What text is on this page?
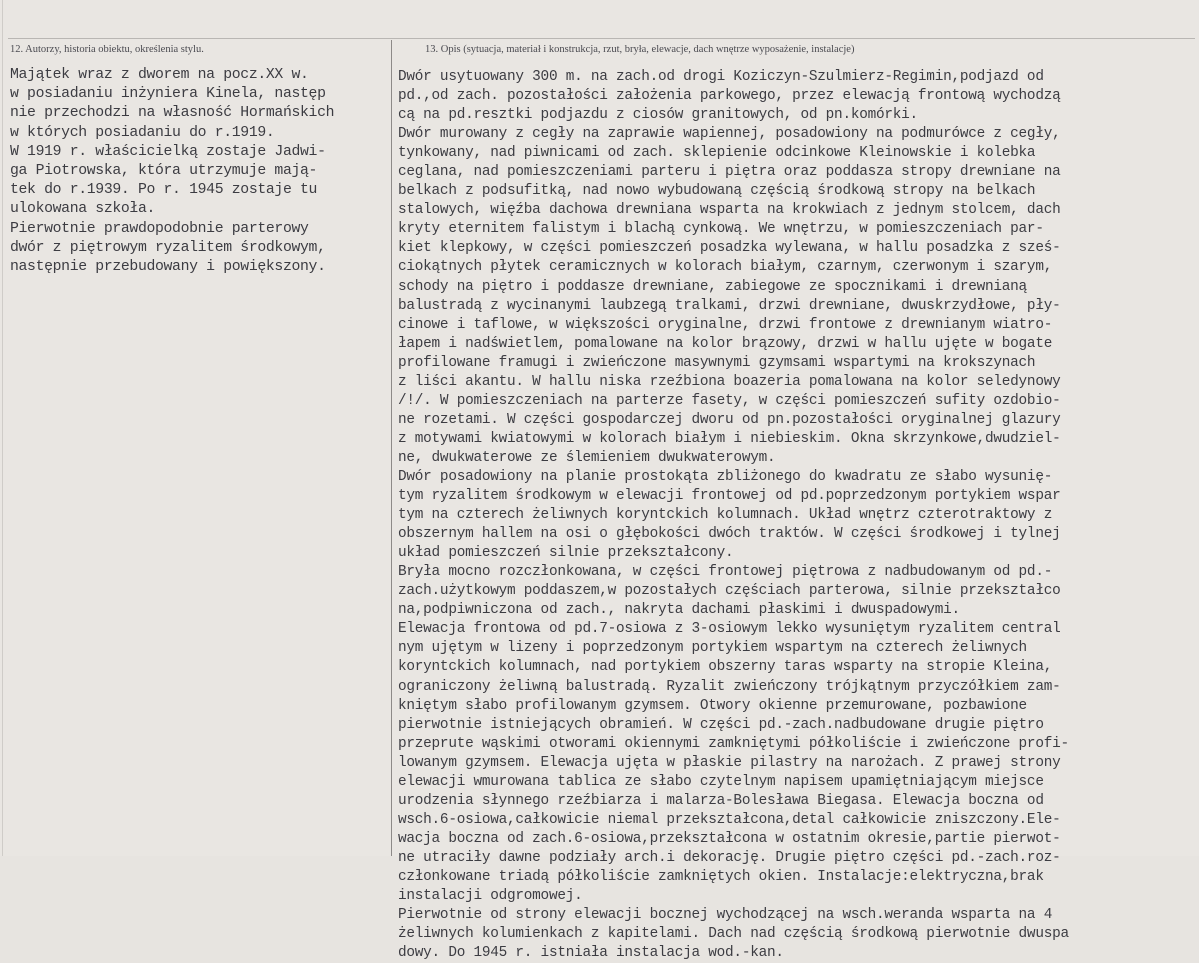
12. Autorzy, historia obiektu, określenia stylu.	13. Opis (sytuacja, materiał i konstrukcja, rzut, bryła, elewacje, dach wnętrze wyposażenie, instalacje)
Majątek wraz z dworem na pocz.XX w.
w posiadaniu inżyniera Kinela, następ
nie przechodzi na własność Hormańskich
w których posiadaniu do r.1919.
W 1919 r. właścicielką zostaje Jadwi-
ga Piotrowska, która utrzymuje mają-
tek do r.1939. Po r. 1945 zostaje tu
ulokowana szkoła.
Pierwotnie prawdopodobnie parterowy
dwór z piętrowym ryzalitem środkowym,
następnie przebudowany i powiększony.
Dwór usytuowany 300 m. na zach.od drogi Koziczyn-Szulmierz-Regimin,podjazd od
pd.,od zach. pozostałości założenia parkowego, przez elewacją frontową wychodzą
cą na pd.resztki podjazdu z ciosów granitowych, od pn.komórki.
Dwór murowany z cegły na zaprawie wapiennej, posadowiony na podmurówce z cegły,
tynkowany, nad piwnicami od zach. sklepienie odcinkowe Kleinowskie i kolebka
ceglana, nad pomieszczeniami parteru i piętra oraz poddasza stropy drewniane na
belkach z podsufitką, nad nowo wybudowaną częścią środkową stropy na belkach
stalowych, więźba dachowa drewniana wsparta na krokwiach z jednym stolcem, dach
kryty eternitem falistym i blachą cynkową. We wnętrzu, w pomieszczeniach par-
kiet klepkowy, w części pomieszczeń posadzka wylewana, w hallu posadzka z sześ-
ciokątnych płytek ceramicznych w kolorach białym, czarnym, czerwonym i szarym,
schody na piętro i poddasze drewniane, zabiegowe ze spocznikami i drewnianą
balustradą z wycinanymi laubzegą tralkami, drzwi drewniane, dwuskrzydłowe, pły-
cinowe i taflowe, w większości oryginalne, drzwi frontowe z drewnianym wiatro-
łapem i nadświetlem, pomalowane na kolor brązowy, drzwi w hallu ujęte w bogate
profilowane framugi i zwieńczone masywnymi gzymsami wspartymi na krokszynach
z liści akantu. W hallu niska rzeźbiona boazeria pomalowana na kolor seledynowy
/!/. W pomieszczeniach na parterze fasety, w części pomieszczeń sufity ozdobio-
ne rozetami. W części gospodarczej dworu od pn.pozostałości oryginalnej glazury
z motywami kwiatowymi w kolorach białym i niebieskim. Okna skrzynkowe,dwudziel-
ne, dwukwaterowe ze ślemieniem dwukwaterowym.
Dwór posadowiony na planie prostokąta zbliżonego do kwadratu ze słabo wysunię-
tym ryzalitem środkowym w elewacji frontowej od pd.poprzedzonym portykiem wspar
tym na czterech żeliwnych koryntckich kolumnach. Układ wnętrz czterotraktowy z
obszernym hallem na osi o głębokości dwóch traktów. W części środkowej i tylnej
układ pomieszczeń silnie przekształcony.
Bryła mocno rozczłonkowana, w części frontowej piętrowa z nadbudowanym od pd.-
zach.użytkowym poddaszem,w pozostałych częściach parterowa, silnie przekształco
na,podpiwniczona od zach., nakryta dachami płaskimi i dwuspadowymi.
Elewacja frontowa od pd.7-osiowa z 3-osiowym lekko wysuniętym ryzalitem central
nym ujętym w lizeny i poprzedzonym portykiem wspartym na czterech żeliwnych
koryntckich kolumnach, nad portykiem obszerny taras wsparty na stropie Kleina,
ograniczony żeliwną balustradą. Ryzalit zwieńczony trójkątnym przyczółkiem zam-
kniętym słabo profilowanym gzymsem. Otwory okienne przemurowane, pozbawione
pierwotnie istniejących obramień. W części pd.-zach.nadbudowane drugie piętro
przeprute wąskimi otworami okiennymi zamkniętymi półkoliście i zwieńczone profi-
lowanym gzymsem. Elewacja ujęta w płaskie pilastry na narożach. Z prawej strony
elewacji wmurowana tablica ze słabo czytelnym napisem upamiętniającym miejsce
urodzenia słynnego rzeźbiarza i malarza-Bolesława Biegasa. Elewacja boczna od
wsch.6-osiowa,całkowicie niemal przekształcona,detal całkowicie zniszczony.Ele-
wacja boczna od zach.6-osiowa,przekształcona w ostatnim okresie,partie pierwot-
ne utraciły dawne podziały arch.i dekorację. Drugie piętro części pd.-zach.roz-
członkowane triadą półkoliście zamkniętych okien. Instalacje:elektryczna,brak
instalacji odgromowej.
Pierwotnie od strony elewacji bocznej wychodzącej na wsch.weranda wsparta na 4
żeliwnych kolumienkach z kapitelami. Dach nad częścią środkową pierwotnie dwuspa
dowy. Do 1945 r. istniała instalacja wod.-kan.
